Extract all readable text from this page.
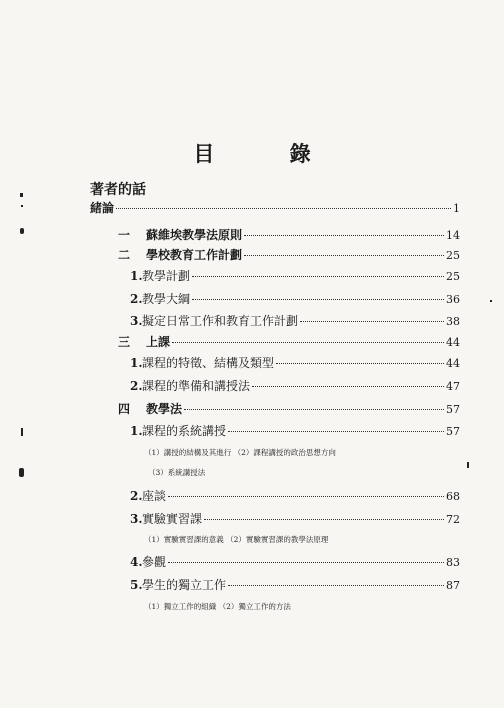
目 錄
著者的話
緒論	1
一	蘇維埃教學法原則	14
二	學校教育工作計劃	25
1. 教學計劃	25
2. 教學大綱	36
3. 擬定日常工作和教育工作計劃	38
三	上課	44
1. 課程的特徵、結構及類型	44
2. 課程的準備和講授法	47
四	教學法	57
1. 課程的系統講授	57
（1）講授的結構及其進行 （2）課程講授的政治思想方向
（3）系統講授法
2. 座談	68
3. 實驗實習課	72
（1）實驗實習課的意義 （2）實驗實習課的教學法原理
4. 參觀	83
5. 學生的獨立工作	87
（1）獨立工作的組織 （2）獨立工作的方法
